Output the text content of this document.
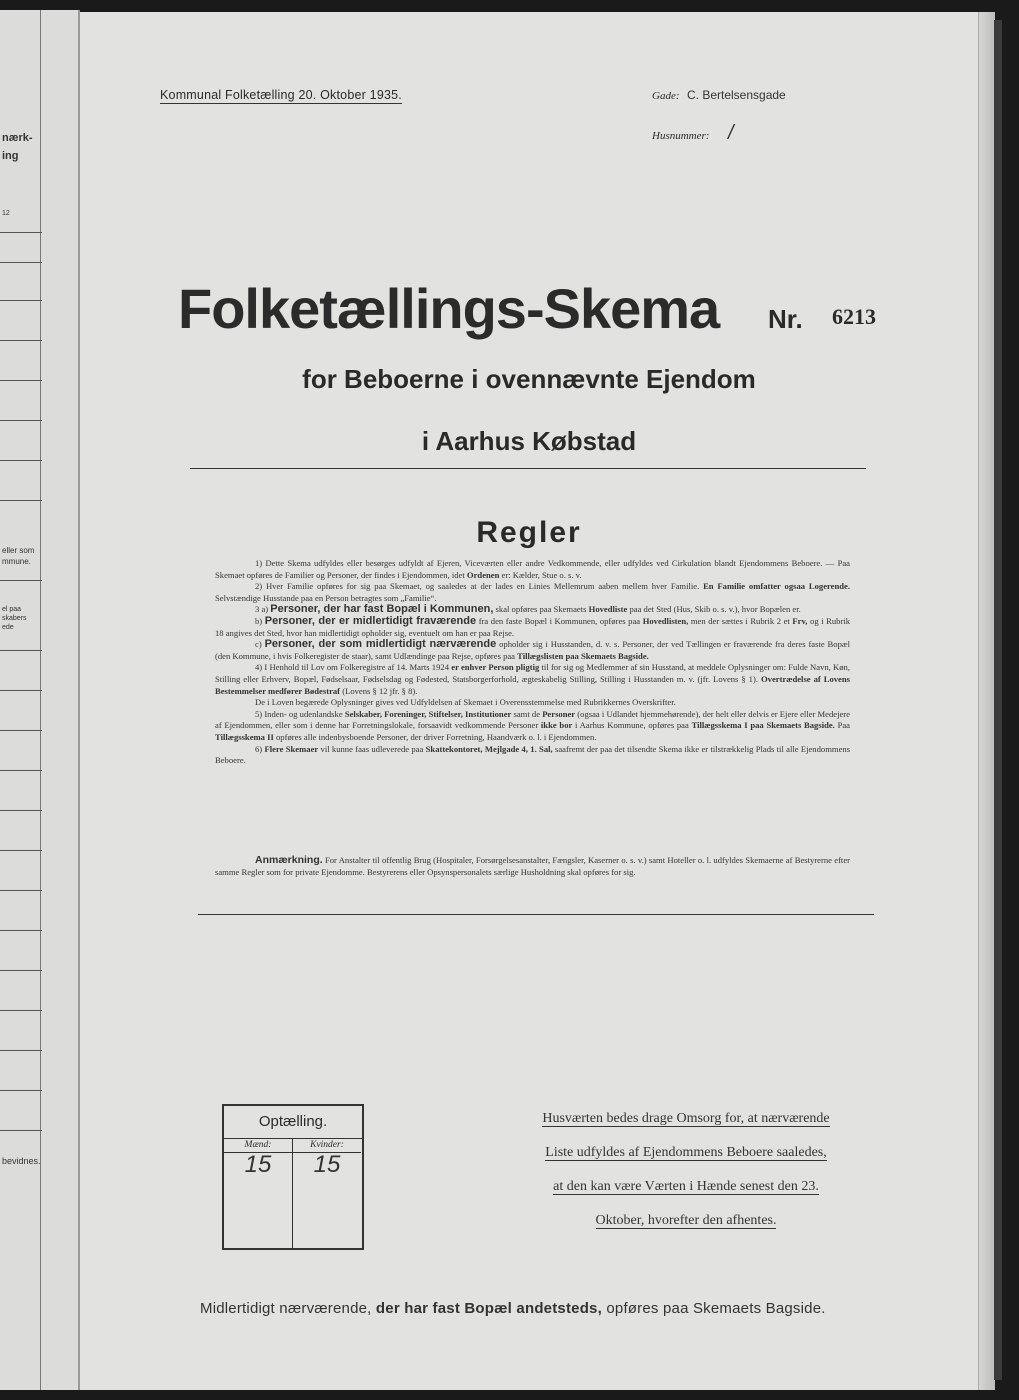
nærk-
ing
12
eller som
mmune.
el paa
skabers
ede
bevidnes.
Kommunal Folketælling 20. Oktober 1935.	Gade: C. Bertelsensgade
Husnummer: /
Folketællings-Skema Nr. 6213
for Beboerne i ovennævnte Ejendom
i Aarhus Købstad
Regler

1) Dette Skema udfyldes eller besørges udfyldt af Ejeren, Viceværten eller andre Vedkommende, eller udfyldes ved Cirkulation blandt Ejendommens Beboere. — Paa Skemaet opføres de Familier og Personer, der findes i Ejendommen, idet Ordenen er: Kælder, Stue o. s. v.

2) Hver Familie opføres for sig paa Skemaet, og saaledes at der lades en Linies Mellemrum aaben mellem hver Familie. En Familie omfatter ogsaa Logerende. Selvstændige Husstande paa en Person betragtes som „Familie“.

3 a) Personer, der har fast Bopæl i Kommunen, skal opføres paa Skemaets Hovedliste paa det Sted (Hus, Skib o. s. v.), hvor Bopælen er.

b) Personer, der er midlertidigt fraværende fra den faste Bopæl i Kommunen, opføres paa Hovedlisten, men der sættes i Rubrik 2 et Frv, og i Rubrik 18 angives det Sted, hvor han midlertidigt opholder sig, eventuelt om han er paa Rejse.

c) Personer, der som midlertidigt nærværende opholder sig i Husstanden, d. v. s. Personer, der ved Tællingen er fraværende fra deres faste Bopæl (den Kommune, i hvis Folkeregister de staar), samt Udlændinge paa Rejse, opføres paa Tillægslisten paa Skemaets Bagside.

4) I Henhold til Lov om Folkeregistre af 14. Marts 1924 er enhver Person pligtig til for sig og Medlemmer af sin Husstand, at meddele Oplysninger om: Fulde Navn, Køn, Stilling eller Erhverv, Bopæl, Fødselsaar, Fødselsdag og Fødested, Statsborgerforhold, ægteskabelig Stilling, Stilling i Husstanden m. v. (jfr. Lovens § 1). Overtrædelse af Lovens Bestemmelser medfører Bødestraf (Lovens § 12 jfr. § 8).

De i Loven begærede Oplysninger gives ved Udfyldelsen af Skemaet i Overensstemmelse med Rubrikkernes Overskrifter.

5) Inden- og udenlandske Selskaber, Foreninger, Stiftelser, Institutioner samt de Personer (ogsaa i Udlandet hjemmehørende), der helt eller delvis er Ejere eller Medejere af Ejendommen, eller som i denne har Forretningslokale, forsaavidt vedkommende Personer ikke bor i Aarhus Kommune, opføres paa Tillægsskema I paa Skemaets Bagside. Paa Tillægsskema II opføres alle indenbysboende Personer, der driver Forretning, Haandværk o. l. i Ejendommen.

6) Flere Skemaer vil kunne faas udleverede paa Skattekontoret, Mejlgade 4, 1. Sal, saafremt der paa det tilsendte Skema ikke er tilstrækkelig Plads til alle Ejendommens Beboere.

Anmærkning. For Anstalter til offentlig Brug (Hospitaler, Forsørgelsesanstalter, Fængsler, Kaserner o. s. v.) samt Hoteller o. l. udfyldes Skemaerne af Bestyrerne efter samme Regler som for private Ejendomme. Bestyrerens eller Opsynspersonalets særlige Husholdning skal opføres for sig.

Optælling.
Mænd:
15
Kvinder:
15
Husværten bedes drage Omsorg for, at nærværende
Liste udfyldes af Ejendommens Beboere saaledes,
at den kan være Værten i Hænde senest den 23.
Oktober, hvorefter den afhentes.
Midlertidigt nærværende, der har fast Bopæl andetsteds, opføres paa Skemaets Bagside.
